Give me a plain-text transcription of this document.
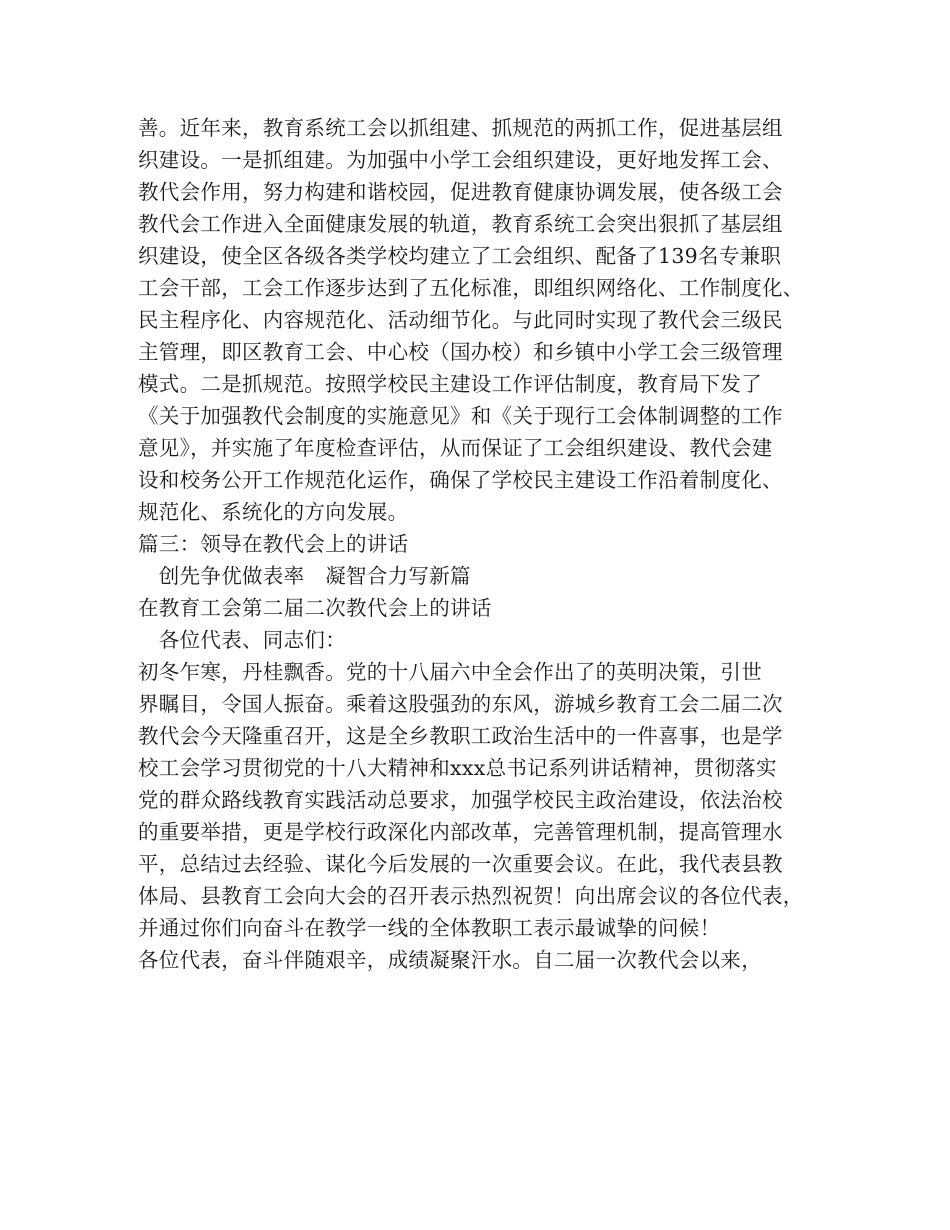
善。近年来，教育系统工会以抓组建、抓规范的两抓工作，促进基层组
织建设。一是抓组建。为加强中小学工会组织建设，更好地发挥工会、
教代会作用，努力构建和谐校园，促进教育健康协调发展，使各级工会
教代会工作进入全面健康发展的轨道，教育系统工会突出狠抓了基层组
织建设，使全区各级各类学校均建立了工会组织、配备了139名专兼职
工会干部，工会工作逐步达到了五化标准，即组织网络化、工作制度化、
民主程序化、内容规范化、活动细节化。与此同时实现了教代会三级民
主管理，即区教育工会、中心校（国办校）和乡镇中小学工会三级管理
模式。二是抓规范。按照学校民主建设工作评估制度，教育局下发了
《关于加强教代会制度的实施意见》和《关于现行工会体制调整的工作
意见》，并实施了年度检查评估，从而保证了工会组织建设、教代会建
设和校务公开工作规范化运作，确保了学校民主建设工作沿着制度化、
规范化、系统化的方向发展。
篇三：领导在教代会上的讲话
　创先争优做表率　凝智合力写新篇
在教育工会第二届二次教代会上的讲话
　各位代表、同志们：
初冬乍寒，丹桂飘香。党的十八届六中全会作出了的英明决策，引世
界瞩目，令国人振奋。乘着这股强劲的东风，游城乡教育工会二届二次
教代会今天隆重召开，这是全乡教职工政治生活中的一件喜事，也是学
校工会学习贯彻党的十八大精神和xxx总书记系列讲话精神，贯彻落实
党的群众路线教育实践活动总要求，加强学校民主政治建设，依法治校
的重要举措，更是学校行政深化内部改革，完善管理机制，提高管理水
平，总结过去经验、谋化今后发展的一次重要会议。在此，我代表县教
体局、县教育工会向大会的召开表示热烈祝贺！向出席会议的各位代表，
并通过你们向奋斗在教学一线的全体教职工表示最诚挚的问候！
各位代表，奋斗伴随艰辛，成绩凝聚汗水。自二届一次教代会以来，
